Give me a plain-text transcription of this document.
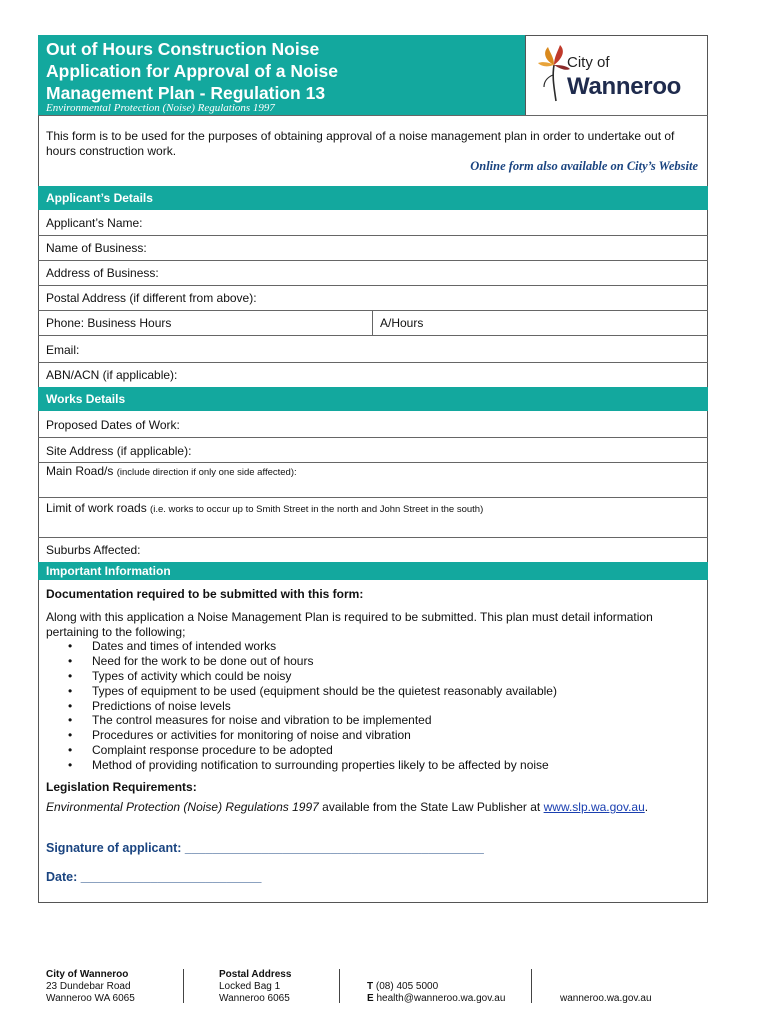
Out of Hours Construction Noise
Application for Approval of a Noise
Management Plan - Regulation 13
Environmental Protection (Noise) Regulations 1997
City of
Wanneroo
This form is to be used for the purposes of obtaining approval of a noise management plan in order to undertake out of hours construction work.
Online form also available on City’s Website
Applicant’s Details
Applicant’s Name:
Name of Business:
Address of Business:
Postal Address (if different from above):
Phone: Business Hours	A/Hours
Email:
ABN/ACN (if applicable):
Works Details
Proposed Dates of Work:
Site Address (if applicable):
Main Road/s (include direction if only one side affected):
Limit of work roads (i.e. works to occur up to Smith Street in the north and John Street in the south)
Suburbs Affected:
Important Information
Documentation required to be submitted with this form:
Along with this application a Noise Management Plan is required to be submitted. This plan must detail information pertaining to the following;
• Dates and times of intended works
• Need for the work to be done out of hours
• Types of activity which could be noisy
• Types of equipment to be used (equipment should be the quietest reasonably available)
• Predictions of noise levels
• The control measures for noise and vibration to be implemented
• Procedures or activities for monitoring of noise and vibration
• Complaint response procedure to be adopted
• Method of providing notification to surrounding properties likely to be affected by noise
Legislation Requirements:
Environmental Protection (Noise) Regulations 1997 available from the State Law Publisher at www.slp.wa.gov.au.
Signature of applicant: ___________________________________________
Date: __________________________
City of Wanneroo
23 Dundebar Road
Wanneroo WA 6065
Postal Address
Locked Bag 1
Wanneroo 6065
T (08) 405 5000
E health@wanneroo.wa.gov.au	wanneroo.wa.gov.au
